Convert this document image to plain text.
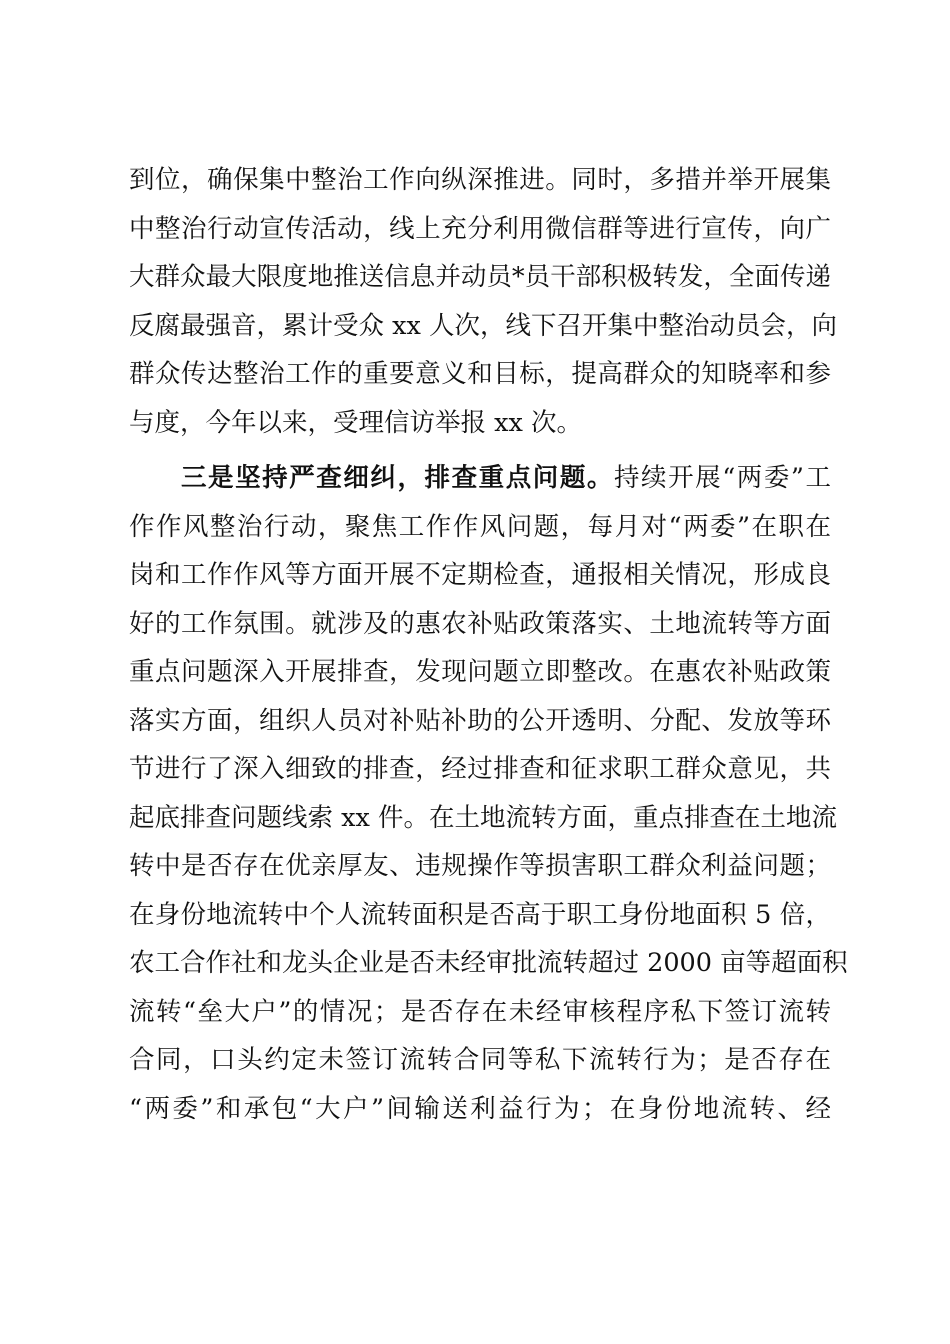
到位，确保集中整治工作向纵深推进。同时，多措并举开展集
中整治行动宣传活动，线上充分利用微信群等进行宣传，向广
大群众最大限度地推送信息并动员*员干部积极转发，全面传递
反腐最强音，累计受众 xx 人次，线下召开集中整治动员会，向
群众传达整治工作的重要意义和目标，提高群众的知晓率和参
与度，今年以来，受理信访举报 xx 次。
三是坚持严查细纠，排查重点问题。持续开展“两委”工
作作风整治行动，聚焦工作作风问题，每月对“两委”在职在
岗和工作作风等方面开展不定期检查，通报相关情况，形成良
好的工作氛围。就涉及的惠农补贴政策落实、土地流转等方面
重点问题深入开展排查，发现问题立即整改。在惠农补贴政策
落实方面，组织人员对补贴补助的公开透明、分配、发放等环
节进行了深入细致的排查，经过排查和征求职工群众意见，共
起底排查问题线索 xx 件。在土地流转方面，重点排查在土地流
转中是否存在优亲厚友、违规操作等损害职工群众利益问题；
在身份地流转中个人流转面积是否高于职工身份地面积 5 倍，
农工合作社和龙头企业是否未经审批流转超过 2000 亩等超面积
流转“垒大户”的情况；是否存在未经审核程序私下签订流转
合同，口头约定未签订流转合同等私下流转行为；是否存在
“两委”和承包“大户”间输送利益行为；在身份地流转、经
